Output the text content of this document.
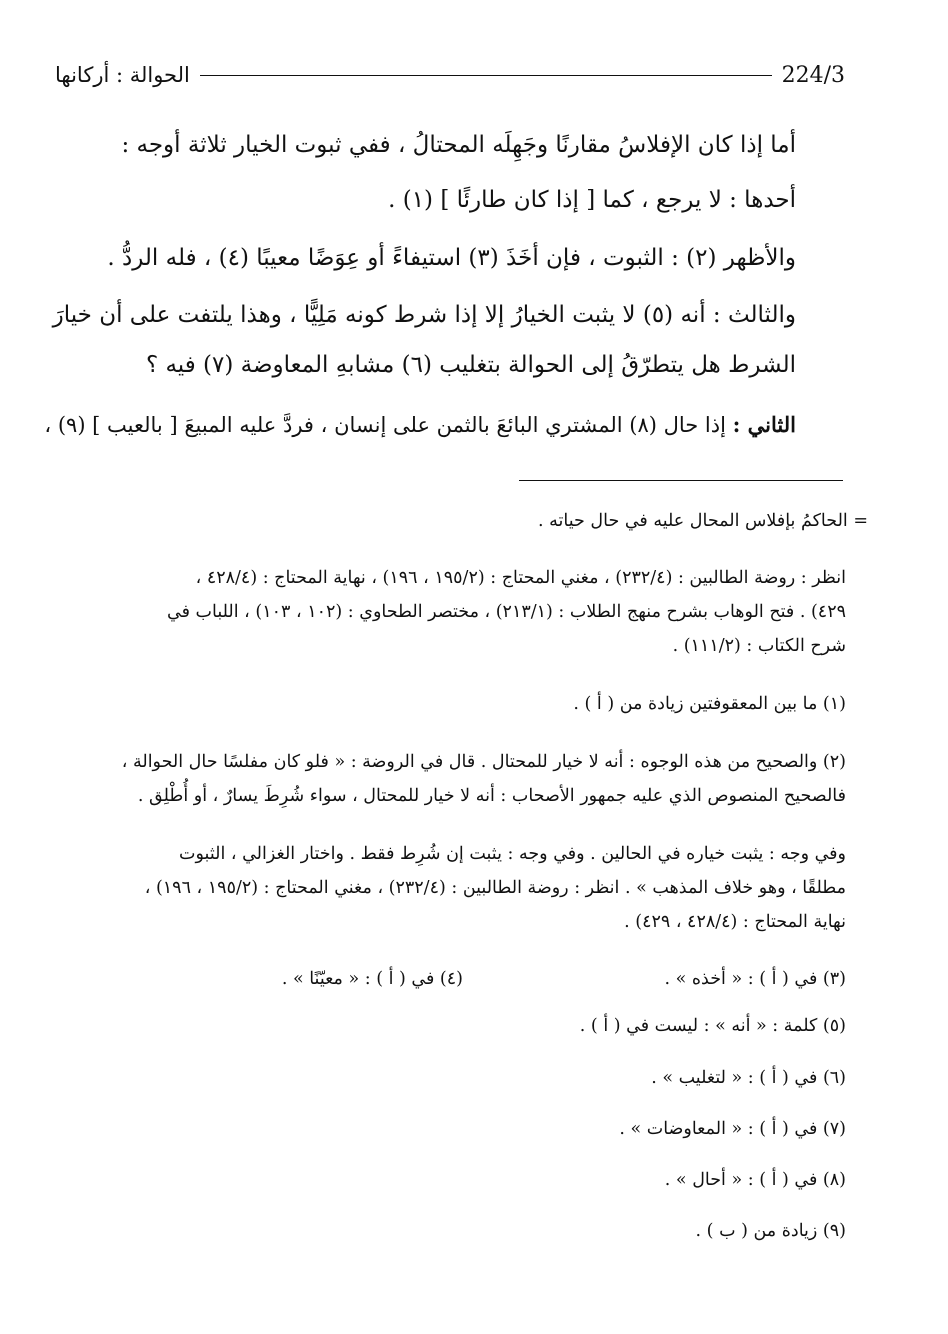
224/3
الحوالة : أركانها
أما إذا كان الإفلاسُ مقارنًا وجَهِلَه المحتالُ ، ففي ثبوت الخيار ثلاثة أوجه :
أحدها : لا يرجع ، كما [ إذا كان طارئًا ] (١) .
والأظهر (٢) : الثبوت ، فإن أخَذَ (٣) استيفاءً أو عِوَضًا معيبًا (٤) ، فله الردُّ .
والثالث : أنه (٥) لا يثبت الخيارُ إلا إذا شرط كونه مَلِيًّا ، وهذا يلتفت على أن خيارَ
الشرط هل يتطرّقُ إلى الحوالة بتغليب (٦) مشابهِ المعاوضة (٧) فيه ؟
الثاني : إذا حال (٨) المشتري البائعَ بالثمن على إنسان ، فردَّ عليه المبيعَ [ بالعيب ] (٩) ،
= الحاكمُ بإفلاس المحال عليه في حال حياته .
انظر : روضة الطالبين : (٢٣٢/٤) ، مغني المحتاج : (١٩٥/٢ ، ١٩٦) ، نهاية المحتاج : (٤٢٨/٤ ،
٤٢٩) . فتح الوهاب بشرح منهج الطلاب : (٢١٣/١) ، مختصر الطحاوي : (١٠٢ ، ١٠٣) ، اللباب في
شرح الكتاب : (١١١/٢) .
(١) ما بين المعقوفتين زيادة من ( أ ) .
(٢) والصحيح من هذه الوجوه : أنه لا خيار للمحتال . قال في الروضة : « فلو كان مفلسًا حال الحوالة ،
فالصحيح المنصوص الذي عليه جمهور الأصحاب : أنه لا خيار للمحتال ، سواء شُرِطَ يسارٌ ، أو أُطْلِق .
وفي وجه : يثبت خياره في الحالين . وفي وجه : يثبت إن شُرِط فقط . واختار الغزالي ، الثبوت
مطلقًا ، وهو خلاف المذهب » . انظر : روضة الطالبين : (٢٣٢/٤) ، مغني المحتاج : (١٩٥/٢ ، ١٩٦) ،
نهاية المحتاج : (٤٢٨/٤ ، ٤٢٩) .
(٣) في ( أ ) : « أخذه » .
(٤) في ( أ ) : « معيّنًا » .
(٥) كلمة : « أنه » : ليست في ( أ ) .
(٦) في ( أ ) : « لتغليب » .
(٧) في ( أ ) : « المعاوضات » .
(٨) في ( أ ) : « أحال » .
(٩) زيادة من ( ب ) .
